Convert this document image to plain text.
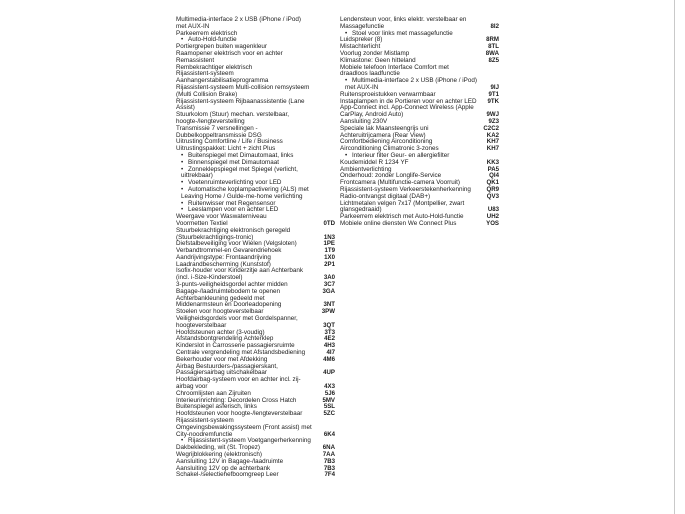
Multimedia-interface 2 x USB (iPhone / iPod) met AUX-IN
Parkeerrem elektrisch
• Auto-Hold-functie
Portiergrepen buiten wagenkleur
Raamopener elektrisch voor en achter
Remassistent
Rembekrachtiger elektrisch
Rijassistent-systeem
Aanhangerstabilisatieprogramma
Rijassistent-systeem Multi-collision remsysteem (Multi Collision Brake)
Rijassistent-systeem Rijbaanassistentie (Lane Assist)
Stuurkolom (Stuur) mechan. verstelbaar, hoogte-/lengteverstelling
Transmissie 7 versnellingen - Dubbelkoppeltransmissie DSG
Uitrusting Comfortline / Life / Business
Uitrustingspakket: Licht + zicht Plus
• Buitenspiegel met Dimautomaat, links
• Binnenspiegel met Dimautomaat
• Zonneklepspiegel met Spiegel (verlicht, uittrekbaar)
• Voetenruimteverlichting voor LED
• Automatische koplampactivering (ALS) met Leaving Home / Gulde-me-home verlichting
• Ruitenwisser met Regensensor
• Leeslampen voor en achter LED
Weergave voor Waswaterniveau
Voormetten Textiel	0TD
Stuurbekrachtiging elektronisch geregeld (Stuurbekrachtigings-tronic)	1N3
Diefstalbeveiliging voor Wielen (Velgsloten)	1PE
Verbandtrommel-en Gevarendriehoek	1T9
Aandrijvingstype: Frontaandrijving	1X0
Laadrandbescherming (Kunststof)	2P1
Isofix-houder voor Kinderzitje aan Achterbank (incl. i-Size-Kinderstoel)	3A0
3-punts-veiligheidsgordel achter midden	3C7
Bagage-/laadruimtebodem te openen	3GA
Achterbankleuning gedeeld met Middenarmsteun en Doorleadopening	3NT
Stoelen voor hoogteverstelbaar	3PW
Veiligheidsgordels voor met Gordelspanner, hoogteverstelbaar	3QT
Hoofdsteunen achter (3-voudig)	3T3
Afstandsbontgrendeling Achterklep	4E2
Kinderslot in Carrosserie passagiersruimte	4H3
Centrale vergrendeling met Afstandsbediening	4I7
Bekerhouder voor met Afdekking	4M6
Airbag Bestuurders-/passagierskant, Passagiersairbag uitschakelbaar	4UP
Hoofdairbag-systeem voor en achter incl. zij-airbag voor	4X3
Chroomlijsten aan Zijruiten	5J6
Interieurinrichting: Decordelen Cross Hatch	5MV
Buitenspiegel asferisch, links	5SL
Hoofdsteunen voor hoogte-/lengteverstelbaar	5ZC
Rijassistent-systeem
Omgevingsbewakingssysteem (Front assist) met City-noodremfunctie	6K4
• Rijassistent-systeem Voetgangerherkenning
Dakbekleding, wit (St. Tropez)	6NA
Wegrijblokkering (elektronisch)	7AA
Aansluiting 12V in Bagage-/laadruimte	7B3
Aansluiting 12V op de achterbank	7B3
Schakel-/selectiehefboomgreep Leer	7F4
Lendensteun voor, links elektr. verstelbaar en Massagefunctie	8I2
• Stoel voor links met massagefunctie
Luidspreker (8)	8RM
Mistachterlicht	8TL
Voorlug zonder Mistlamp	8WA
Klimastone: Geen hitteland	8Z5
Mobiele telefoon Interface Comfort met draadloos laadfunctie
• Multimedia-interface 2 x USB (iPhone / iPod) met AUX-IN	9IJ
Ruitensproeistukken verwarmbaar	9T1
Instaplampen in de Portieren voor en achter LED	9TK
App-Connect incl. App-Connect Wireless (Apple CarPlay, Android Auto)	9WJ
Aansluiting 230V	9Z3
Speciale lak Maansteengrijs uni	C2C2
Achteruitrijcamera (Rear View)	KA2
Comfortbediening Airconditioning	KH7
Airconditioning Climatronic 3-zones	KH7
• Interieur filter Geur- en allergiefilter
Koudemiddel R 1234 YF	KK3
Ambientverlichting	PA5
Onderhoud: zonder Longlife-Service	QI4
Frontcamera (Multifunctie-camera Voorruit)	QK1
Rijassistent-systeem Verkeerstekenherkenning	QR9
Radio-ontvangst digitaal (DAB+)	QV3
Lichtmetalen velgen 7x17 (Montpellier, zwart glansgedraaid)	U83
Parkeerrem elektrisch met Auto-Hold-functie	UH2
Mobiele online diensten We Connect Plus	YOS
